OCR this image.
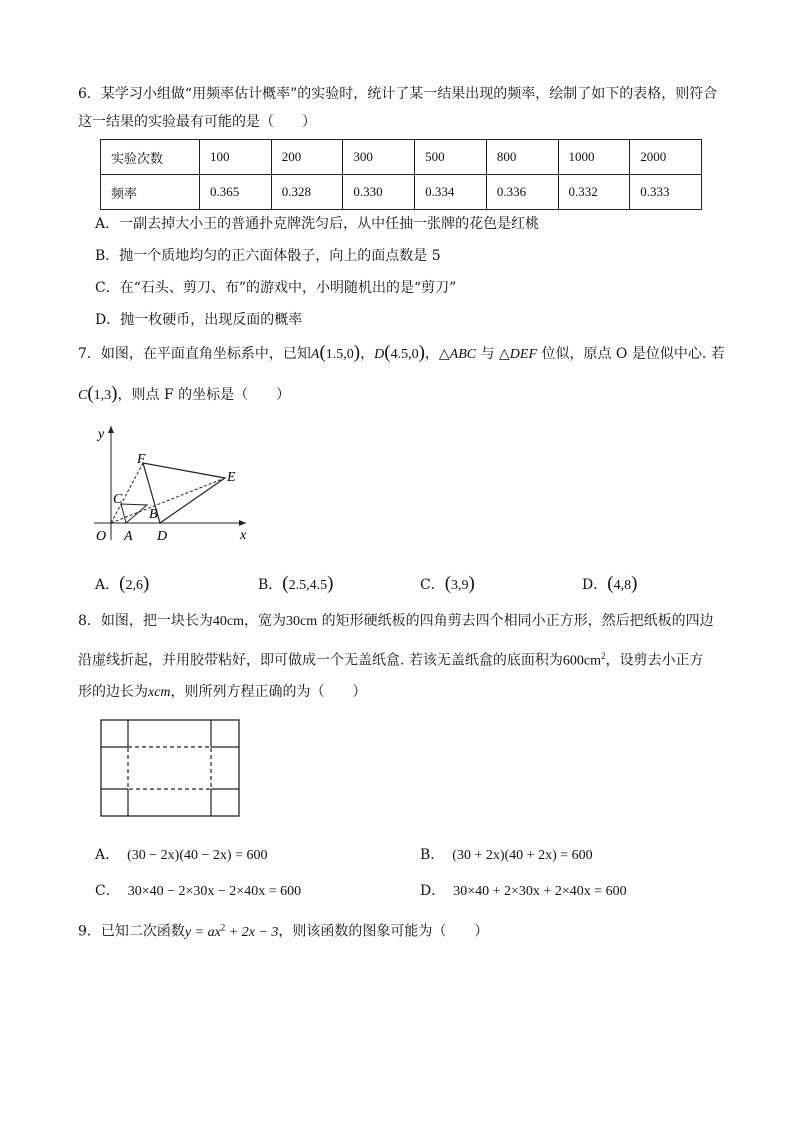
6．某学习小组做“用频率估计概率”的实验时，统计了某一结果出现的频率，绘制了如下的表格，则符合
这一结果的实验最有可能的是（　　）
实验次数	100	200	300	500	800	1000	2000
频率	0.365	0.328	0.330	0.334	0.336	0.332	0.333
A．一副去掉大小王的普通扑克牌洗匀后，从中任抽一张牌的花色是红桃
B．抛一个质地均匀的正六面体骰子，向上的面点数是 5
C．在“石头、剪刀、布”的游戏中，小明随机出的是“剪刀”
D．抛一枚硬币，出现反面的概率
7．如图，在平面直角坐标系中，已知A(1.5,0)，D(4.5,0)，△ABC 与 △DEF 位似，原点 O 是位似中心. 若
C(1,3)，则点 F 的坐标是（　　）
y
x
O A
B
C
D
E
F
A．(2,6)	B．(2.5,4.5)	C．(3,9)	D．(4,8)
8．如图，把一块长为40cm，宽为30cm 的矩形硬纸板的四角剪去四个相同小正方形，然后把纸板的四边
沿虚线折起，并用胶带粘好，即可做成一个无盖纸盒. 若该无盖纸盒的底面积为$600cm^2$，设剪去小正方
形的边长为xcm，则所列方程正确的为（　　）
A． (30 − 2x)(40 − 2x) = 600	B． (30 + 2x)(40 + 2x) = 600
C． 30×40 − 2×30x − 2×40x = 600	D． 30×40 + 2×30x + 2×40x = 600
9．已知二次函数$y = ax^2 + 2x - 3$，则该函数的图象可能为（　　）
